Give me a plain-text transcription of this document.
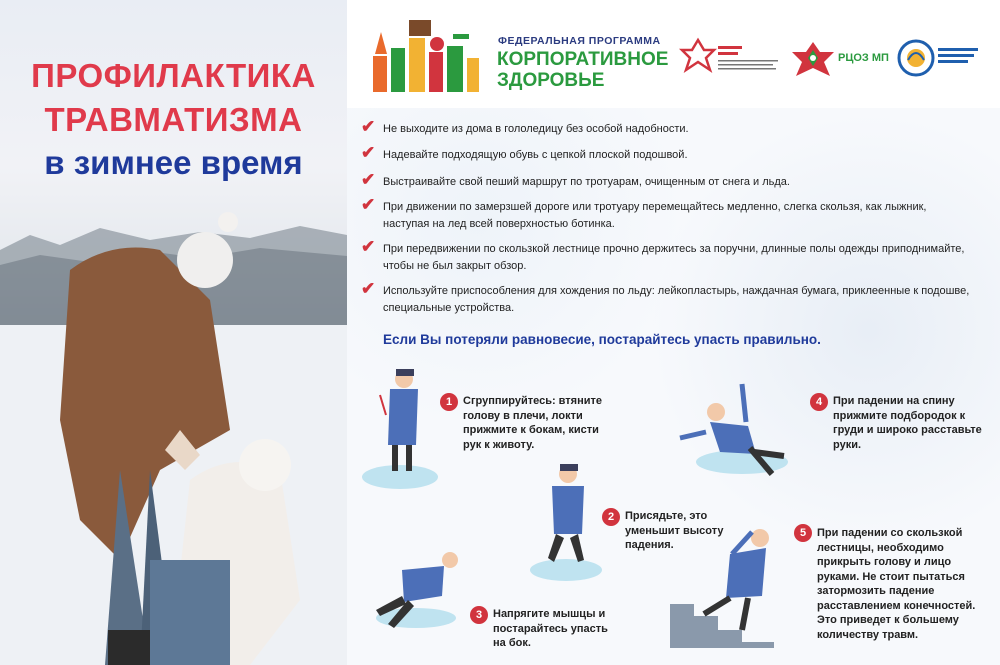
ПРОФИЛАКТИКА
ТРАВМАТИЗМА
в зимнее время
ФЕДЕРАЛЬНАЯ ПРОГРАММА
КОРПОРАТИВНОЕ
ЗДОРОВЬЕ
РЦОЗ МП
✔ Не выходите из дома в гололедицу без особой надобности.
✔ Надевайте подходящую обувь с цепкой плоской подошвой.
✔ Выстраивайте свой пеший маршрут по тротуарам, очищенным от снега и льда.
✔ При движении по замерзшей дороге или тротуару перемещайтесь медленно, слегка скользя, как лыжник, наступая на лед всей поверхностью ботинка.
✔ При передвижении по скользкой лестнице прочно держитесь за поручни, длинные полы одежды приподнимайте, чтобы не был закрыт обзор.
✔ Используйте приспособления для хождения по льду: лейкопластырь, наждачная бумага, приклеенные к подошве, специальные устройства.
Если Вы потеряли равновесие, постарайтесь упасть правильно.
1 Сгруппируйтесь: втяните голову в плечи, локти прижмите к бокам, кисти рук к животу.
2 Присядьте, это уменьшит высоту падения.
3 Напрягите мышцы и постарайтесь упасть на бок.
4 При падении на спину прижмите подбородок к груди и широко расставьте руки.
5 При падении со скользкой лестницы, необходимо прикрыть голову и лицо руками. Не стоит пытаться затормозить падение расставлением конечностей. Это приведет к большему количеству травм.
